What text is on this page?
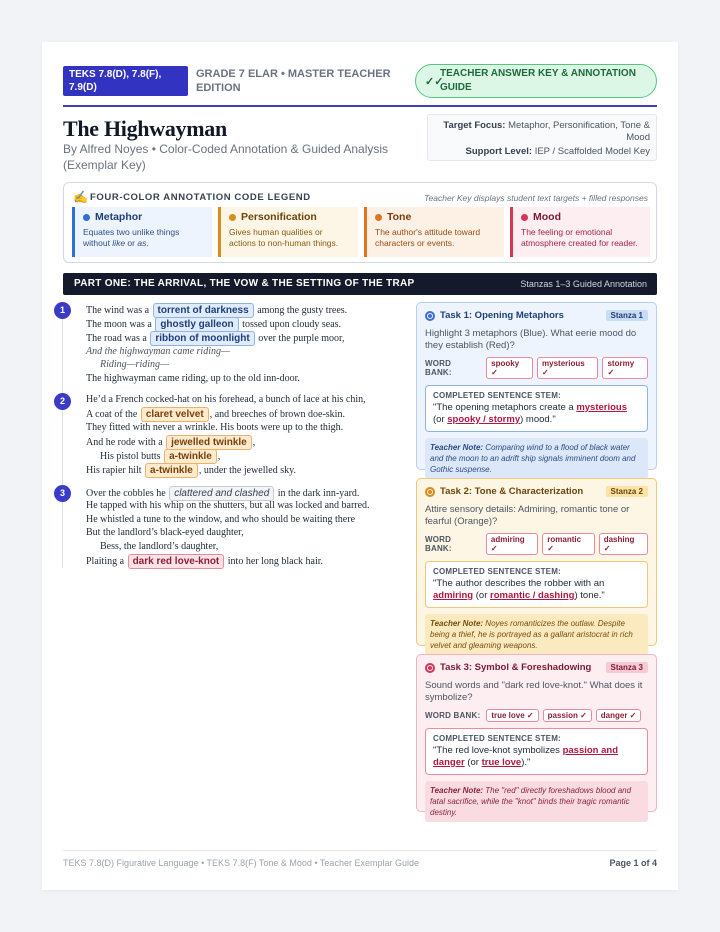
TEKS 7.8(D), 7.8(F), 7.9(D)
GRADE 7 ELAR • MASTER TEACHER EDITION	✓✓
TEACHER ANSWER KEY & ANNOTATION GUIDE
The Highwayman
By Alfred Noyes • Color-Coded Annotation & Guided Analysis (Exemplar Key)
Target Focus: Metaphor, Personification, Tone & Mood
Support Level: IEP / Scaffolded Model Key
✍ FOUR-COLOR ANNOTATION CODE LEGEND	Teacher Key displays student text targets + filled responses
Metaphor
Equates two unlike things without like or as.
Personification
Gives human qualities or actions to non-human things.
Tone
The author's attitude toward characters or events.
Mood
The feeling or emotional atmosphere created for reader.
PART ONE: THE ARRIVAL, THE VOW & THE SETTING OF THE TRAP	Stanzas 1–3 Guided Annotation
1	The wind was a torrent of darkness among the gusty trees.
The moon was a ghostly galleon tossed upon cloudy seas.
The road was a ribbon of moonlight over the purple moor,
And the highwayman came riding—
Riding—riding—
The highwayman came riding, up to the old inn-door.
2	He’d a French cocked-hat on his forehead, a bunch of lace at his chin,
A coat of the claret velvet , and breeches of brown doe-skin.
They fitted with never a wrinkle. His boots were up to the thigh.
And he rode with a jewelled twinkle ,
His pistol butts a-twinkle ,
His rapier hilt a-twinkle , under the jewelled sky.
3	Over the cobbles he clattered and clashed in the dark inn-yard.
He tapped with his whip on the shutters, but all was locked and barred.
He whistled a tune to the window, and who should be waiting there
But the landlord’s black-eyed daughter,
Bess, the landlord’s daughter,
Plaiting a dark red love-knot into her long black hair.
Task 1: Opening Metaphors	Stanza 1
Highlight 3 metaphors (Blue). What eerie mood do they establish (Red)?
WORD BANK:
spooky ✓
mysterious ✓
stormy ✓
COMPLETED SENTENCE STEM:
"The opening metaphors create a mysterious (or spooky / stormy) mood."
Teacher Note: Comparing wind to a flood of black water and the moon to an adrift ship signals imminent doom and Gothic suspense.
Task 2: Tone & Characterization	Stanza 2
Attire sensory details: Admiring, romantic tone or fearful (Orange)?
WORD BANK:
admiring ✓
romantic ✓
dashing ✓
COMPLETED SENTENCE STEM:
"The author describes the robber with an admiring (or romantic / dashing) tone."
Teacher Note: Noyes romanticizes the outlaw. Despite being a thief, he is portrayed as a gallant aristocrat in rich velvet and gleaming weapons.
Task 3: Symbol & Foreshadowing	Stanza 3
Sound words and "dark red love-knot." What does it symbolize?
WORD BANK:	true love ✓	passion ✓	danger ✓
COMPLETED SENTENCE STEM:
"The red love-knot symbolizes passion and danger (or true love)."
Teacher Note: The "red" directly foreshadows blood and fatal sacrifice, while the "knot" binds their tragic romantic destiny.
TEKS 7.8(D) Figurative Language • TEKS 7.8(F) Tone & Mood • Teacher Exemplar Guide	Page 1 of 4
